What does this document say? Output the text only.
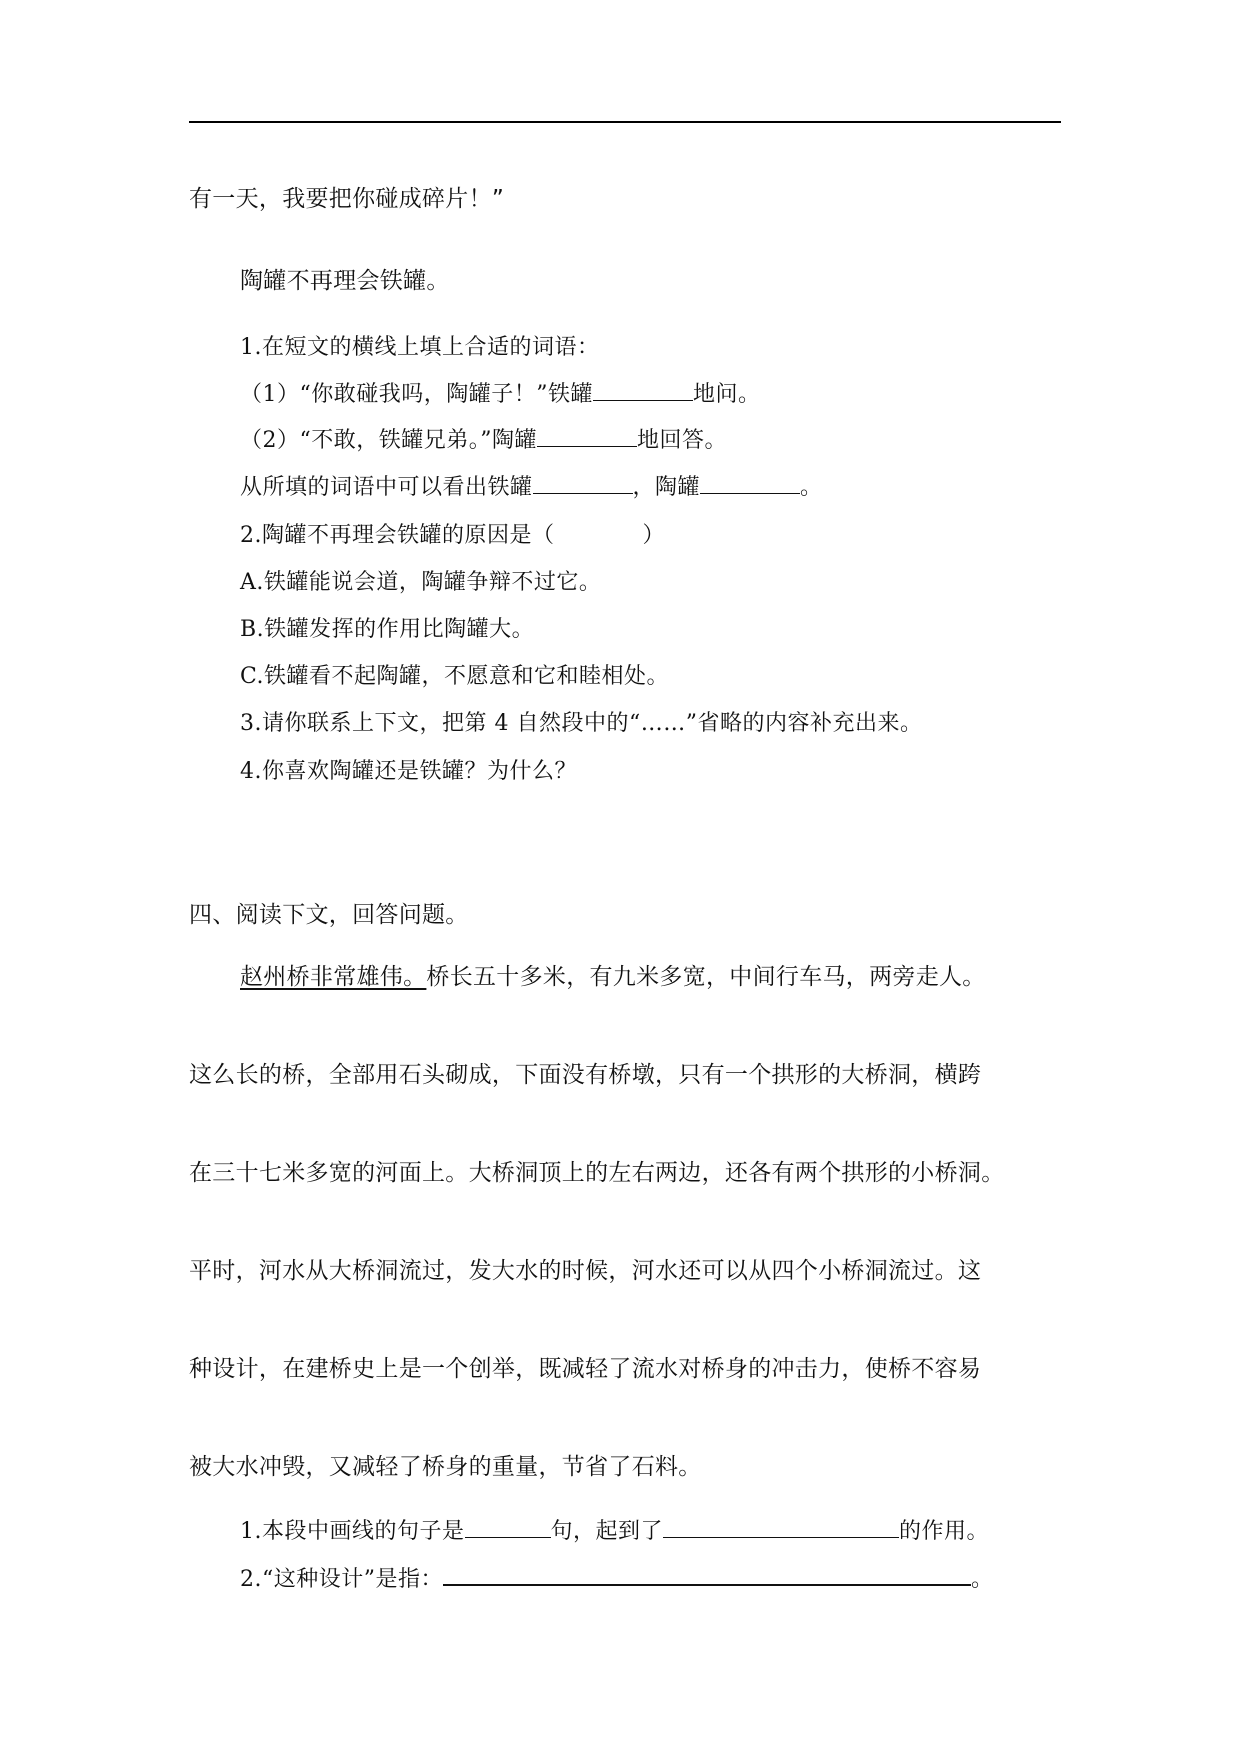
有一天，我要把你碰成碎片！”

陶罐不再理会铁罐。

1.在短文的横线上填上合适的词语：

（1）“你敢碰我吗，陶罐子！”铁罐	地问。

（2）“不敢，铁罐兄弟。”陶罐	地回答。

从所填的词语中可以看出铁罐	，陶罐	。

2.陶罐不再理会铁罐的原因是（	）

A.铁罐能说会道，陶罐争辩不过它。

B.铁罐发挥的作用比陶罐大。

C.铁罐看不起陶罐，不愿意和它和睦相处。

3.请你联系上下文，把第 4 自然段中的“……”省略的内容补充出来。

4.你喜欢陶罐还是铁罐？为什么？

四、阅读下文，回答问题。

赵州桥非常雄伟。桥长五十多米，有九米多宽，中间行车马，两旁走人。

这么长的桥，全部用石头砌成，下面没有桥墩，只有一个拱形的大桥洞，横跨

在三十七米多宽的河面上。大桥洞顶上的左右两边，还各有两个拱形的小桥洞。

平时，河水从大桥洞流过，发大水的时候，河水还可以从四个小桥洞流过。这

种设计，在建桥史上是一个创举，既减轻了流水对桥身的冲击力，使桥不容易

被大水冲毁，又减轻了桥身的重量，节省了石料。

1.本段中画线的句子是	句，起到了	的作用。

2.“这种设计”是指：	。
